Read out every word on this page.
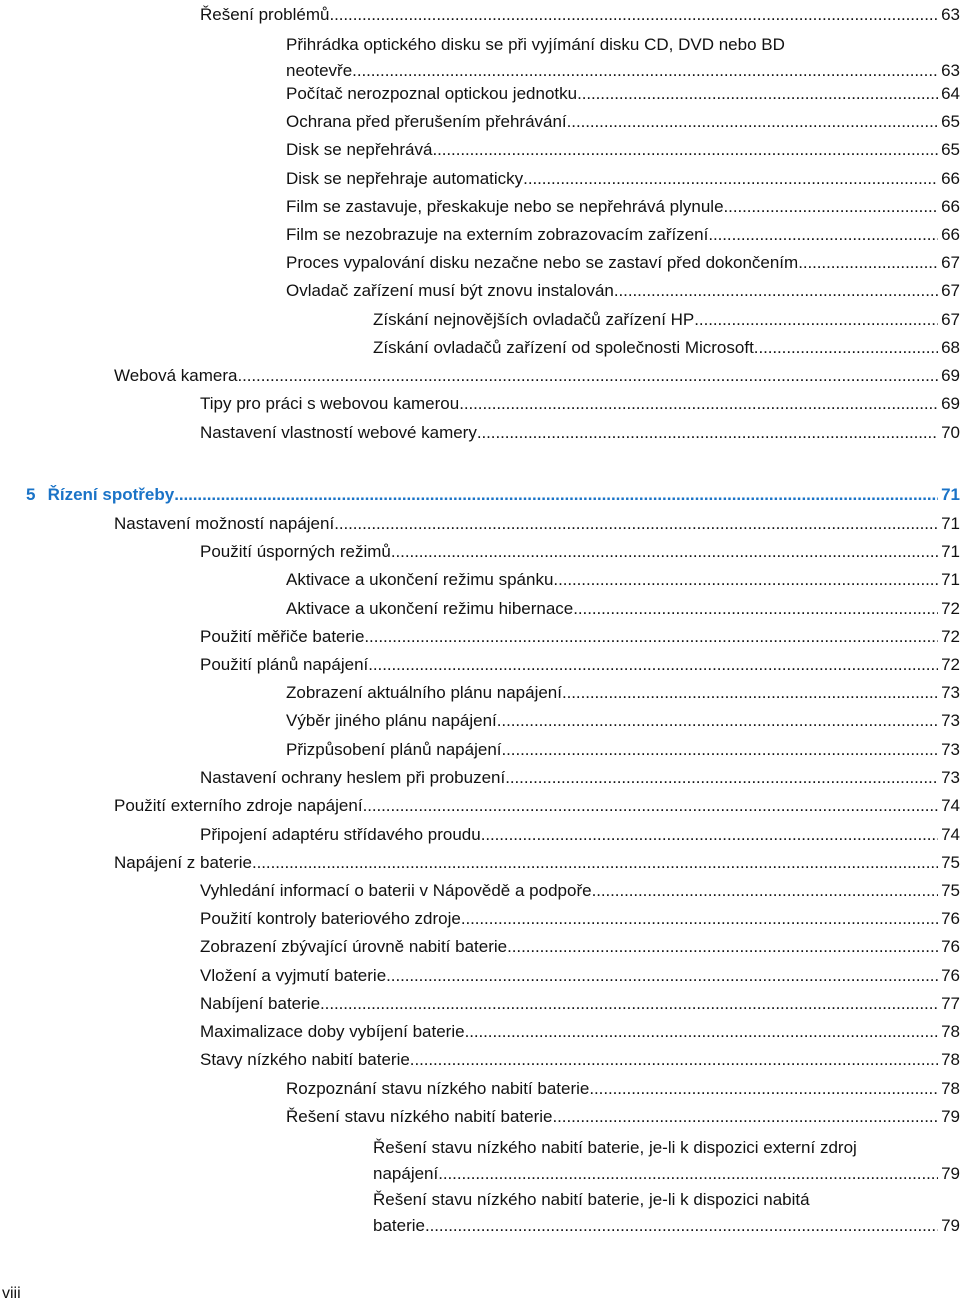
Řešení problémů . . .	63
Přihrádka optického disku se při vyjímání disku CD, DVD nebo BD
neotevře . . .	63
Počítač nerozpoznal optickou jednotku . . .	64
Ochrana před přerušením přehrávání . . .	65
Disk se nepřehrává . . .	65
Disk se nepřehraje automaticky . . .	66
Film se zastavuje, přeskakuje nebo se nepřehrává plynule . . .	66
Film se nezobrazuje na externím zobrazovacím zařízení . . .	66
Proces vypalování disku nezačne nebo se zastaví před dokončením . . .	67
Ovladač zařízení musí být znovu instalován . . .	67
Získání nejnovějších ovladačů zařízení HP . . .	67
Získání ovladačů zařízení od společnosti Microsoft . . .	68
Webová kamera . . .	69
Tipy pro práci s webovou kamerou . . .	69
Nastavení vlastností webové kamery . . .	70
5 Řízení spotřeby . . .	71
Nastavení možností napájení . . .	71
Použití úsporných režimů . . .	71
Aktivace a ukončení režimu spánku . . .	71
Aktivace a ukončení režimu hibernace . . .	72
Použití měřiče baterie . . .	72
Použití plánů napájení . . .	72
Zobrazení aktuálního plánu napájení . . .	73
Výběr jiného plánu napájení . . .	73
Přizpůsobení plánů napájení . . .	73
Nastavení ochrany heslem při probuzení . . .	73
Použití externího zdroje napájení . . .	74
Připojení adaptéru střídavého proudu . . .	74
Napájení z baterie . . .	75
Vyhledání informací o baterii v Nápovědě a podpoře . . .	75
Použití kontroly bateriového zdroje . . .	76
Zobrazení zbývající úrovně nabití baterie . . .	76
Vložení a vyjmutí baterie . . .	76
Nabíjení baterie . . .	77
Maximalizace doby vybíjení baterie . . .	78
Stavy nízkého nabití baterie . . .	78
Rozpoznání stavu nízkého nabití baterie . . .	78
Řešení stavu nízkého nabití baterie . . .	79
Řešení stavu nízkého nabití baterie, je-li k dispozici externí zdroj
napájení . . .	79
Řešení stavu nízkého nabití baterie, je-li k dispozici nabitá
baterie . . .	79
viii
